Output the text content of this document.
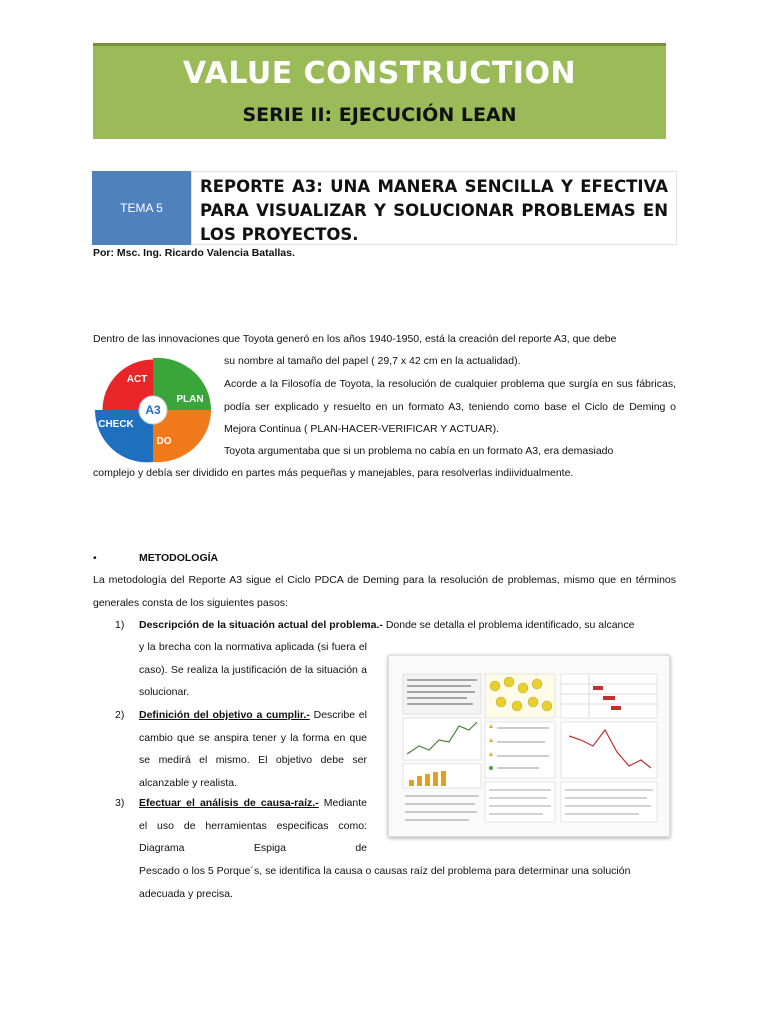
VALUE CONSTRUCTION
SERIE II: EJECUCIÓN LEAN
TEMA 5
REPORTE A3: UNA MANERA SENCILLA Y EFECTIVA PARA VISUALIZAR Y SOLUCIONAR PROBLEMAS EN LOS PROYECTOS.
Por: Msc. Ing. Ricardo Valencia Batallas.
Dentro de las innovaciones que Toyota generó en los años 1940-1950, está la creación del reporte A3, que debe
A3
ACT
PLAN
CHECK
DO
su nombre al tamaño del papel ( 29,7 x 42 cm en la actualidad).
Acorde a la Filosofía de Toyota, la resolución de cualquier problema que surgía en sus fábricas, podía ser explicado y resuelto en un formato A3, teniendo como base el Ciclo de Deming o Mejora Continua ( PLAN-HACER-VERIFICAR Y ACTUAR).
Toyota argumentaba que si un problema no cabía en un formato A3, era demasiado
complejo y debía ser dividido en partes más pequeñas y manejables, para resolverlas indiividualmente.
•	METODOLOGÍA
La metodología del Reporte A3 sigue el Ciclo PDCA de Deming para la resolución de problemas, mismo que en términos generales consta de los siguientes pasos:
1) Descripción de la situación actual del problema.- Donde se detalla el problema identificado, su alcance
y la brecha con la normativa aplicada (si fuera el caso). Se realiza la justificación de la situación a solucionar.
2) Definición del objetivo a cumplir.- Describe el cambio que se anspira tener y la forma en que se medirá el mismo. El objetivo debe ser alcanzable y realista.
3) Efectuar el análisis de causa-raíz.- Mediante el uso de herramientas especificas como: Diagrama Espiga de
Pescado o los 5 Porque´s, se identifica la causa o causas raíz del problema para determinar una solución adecuada y precisa.
